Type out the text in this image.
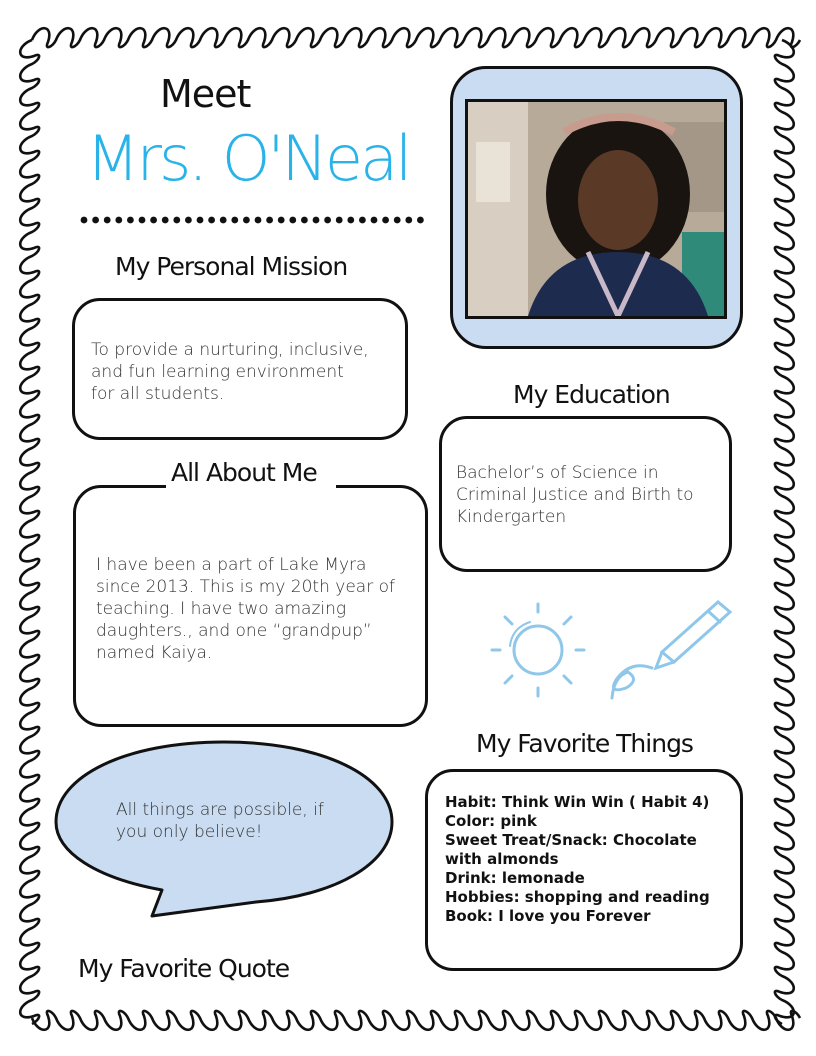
Meet
Mrs. O'Neal
My Personal Mission
To provide a nurturing, inclusive,
and fun learning environment
for all students.	My Education
Bachelor’s of Science in
Criminal Justice and Birth to
Kindergarten
I have been a part of Lake Myra
since 2013. This is my 20th year of
teaching. I have two amazing
daughters., and one “grandpup”
named Kaiya.
All About Me
My Favorite Things
Habit: Think Win Win ( Habit 4)
Color: pink
Sweet Treat/Snack: Chocolate
with almonds
Drink: lemonade
Hobbies: shopping and reading
Book: I love you Forever
All things are possible, if
you only believe!
My Favorite Quote
